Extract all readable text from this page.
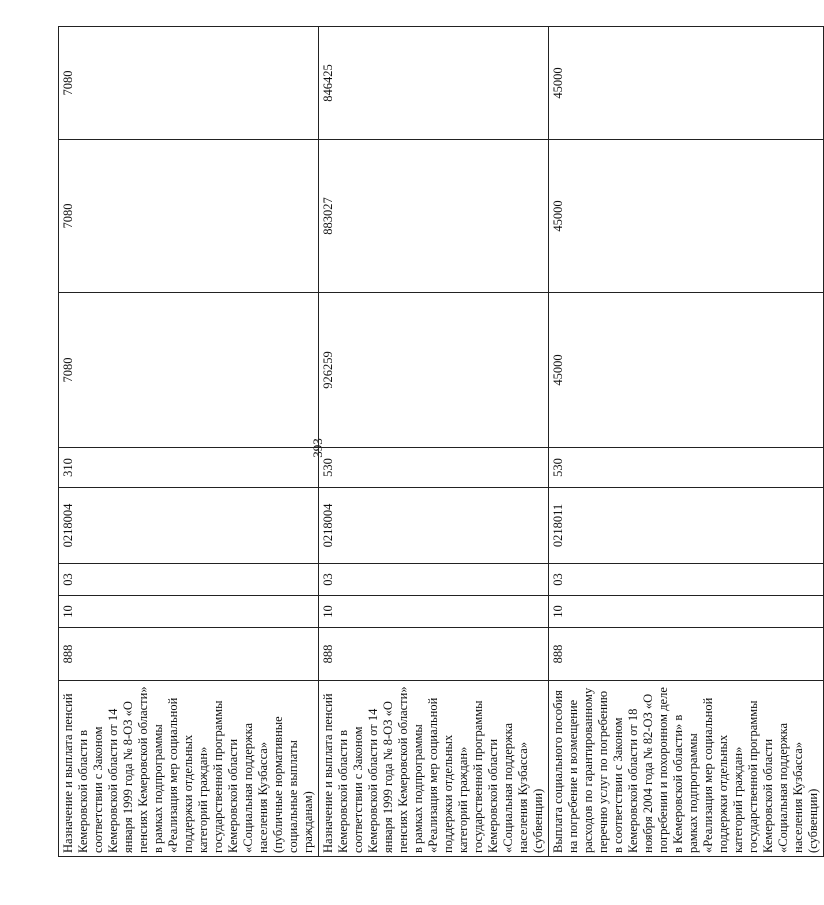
393
Назначение и выплата пенсий Кемеровской области в соответствии с Законом Кемеровской области от 14 января 1999 года № 8-ОЗ «О пенсиях Кемеровской области» в рамках подпрограммы «Реализация мер социальной поддержки отдельных категорий граждан» государственной программы Кемеровской области «Социальная поддержка населения Кузбасса» (публичные нормативные социальные выплаты гражданам)	888	10	03	0218004	310	7080	7080	7080
Назначение и выплата пенсий Кемеровской области в соответствии с Законом Кемеровской области от 14 января 1999 года № 8-ОЗ «О пенсиях Кемеровской области» в рамках подпрограммы «Реализация мер социальной поддержки отдельных категорий граждан» государственной программы Кемеровской области «Социальная поддержка населения Кузбасса» (субвенции)	888	10	03	0218004	530	926259	883027	846425
Выплата социального пособия на погребение и возмещение расходов по гарантированному перечню услуг по погребению в соответствии с Законом Кемеровской области от 18 ноября 2004 года № 82-ОЗ «О погребении и похоронном деле в Кемеровской области» в рамках подпрограммы «Реализация мер социальной поддержки отдельных категорий граждан» государственной программы Кемеровской области «Социальная поддержка населения Кузбасса» (субвенции)	888	10	03	0218011	530	45000	45000	45000
